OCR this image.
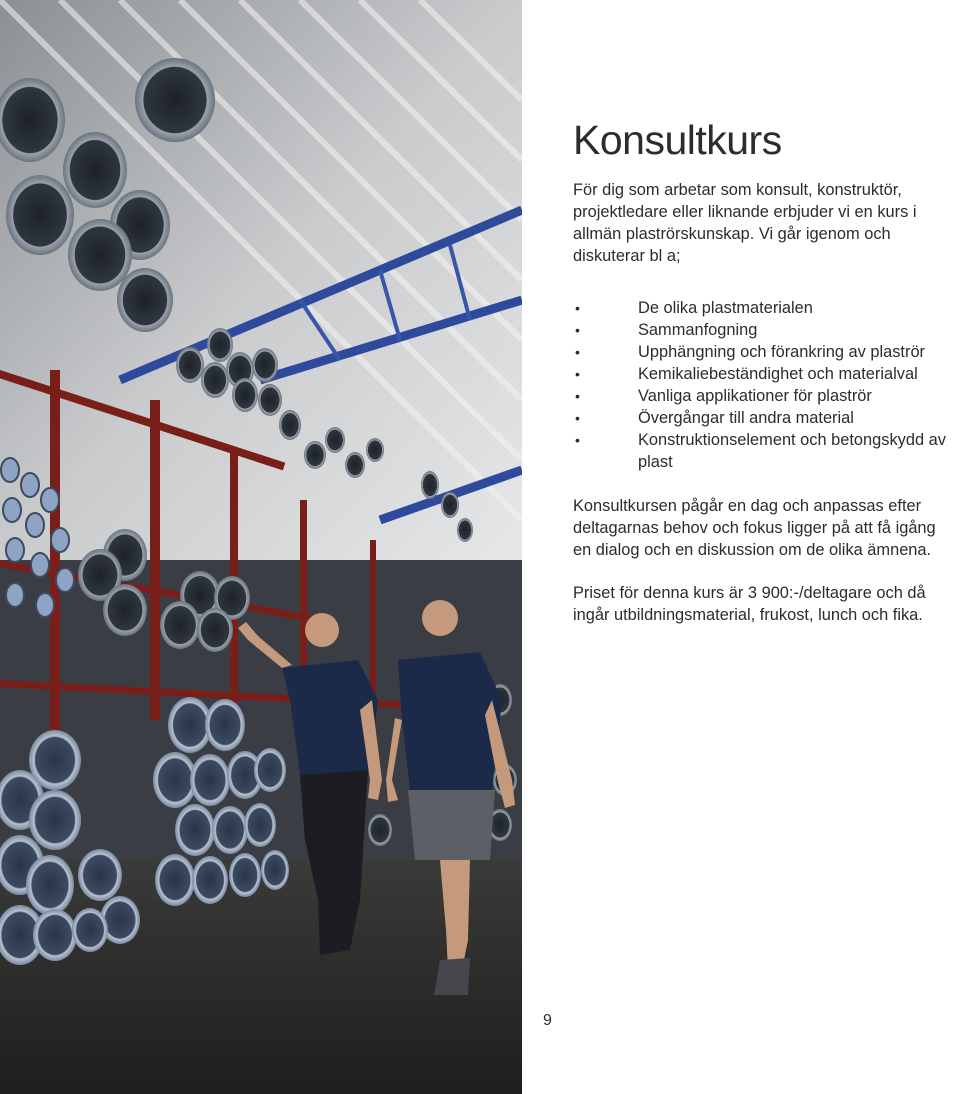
Konsultkurs

För dig som arbetar som konsult, konstruktör, projektledare eller liknande erbjuder vi en kurs i allmän plaströrskunskap. Vi går igenom och diskuterar bl a;

•	De olika plastmaterialen
•	Sammanfogning
•	Upphängning och förankring av plaströr
•	Kemikaliebeständighet och materialval
•	Vanliga applikationer för plaströr
•	Övergångar till andra material
•	Konstruktionselement och betongskydd av plast

Konsultkursen pågår en dag och anpassas efter deltagarnas behov och fokus ligger på att få igång en dialog och en diskussion om de olika ämnena.

Priset för denna kurs är 3 900:-/deltagare och då ingår utbildningsmaterial, frukost, lunch och fika.

9
